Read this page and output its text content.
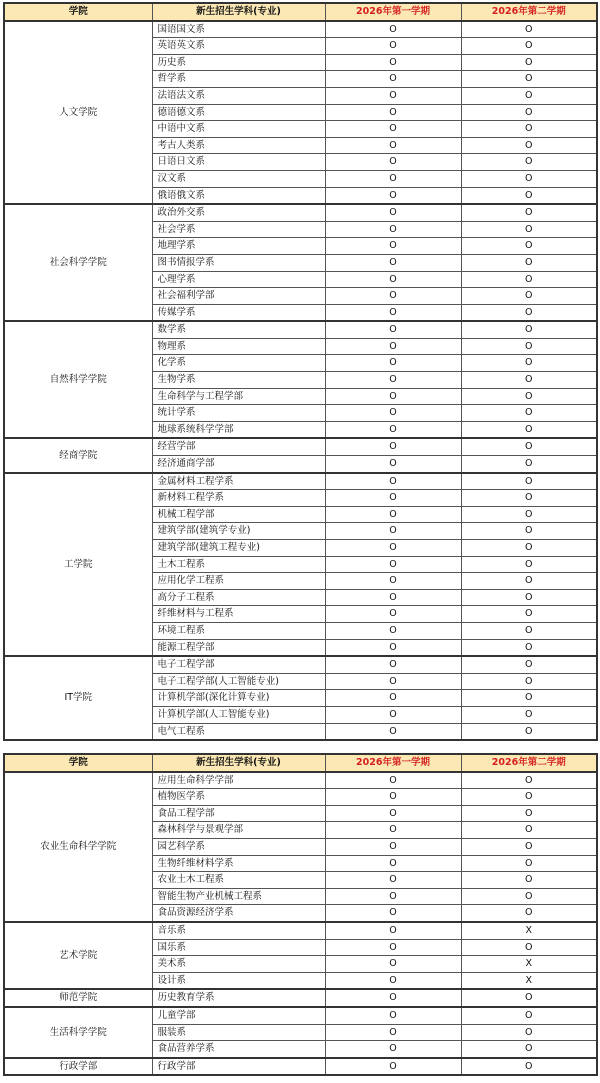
学院	新生招生学科(专业)	2026年第一学期	2026年第二学期
人文学院	国语国文系	O	O
	英语英文系	O	O
	历史系	O	O
	哲学系	O	O
	法语法文系	O	O
	德语德文系	O	O
	中语中文系	O	O
	考古人类系	O	O
	日语日文系	O	O
	汉文系	O	O
	俄语俄文系	O	O
社会科学学院	政治外交系	O	O
	社会学系	O	O
	地理学系	O	O
	图书情报学系	O	O
	心理学系	O	O
	社会福利学部	O	O
	传媒学系	O	O
自然科学学院	数学系	O	O
	物理系	O	O
	化学系	O	O
	生物学系	O	O
	生命科学与工程学部	O	O
	统计学系	O	O
	地球系统科学学部	O	O
经商学院	经营学部	O	O
	经济通商学部	O	O
工学院	金属材料工程学系	O	O
	新材料工程学系	O	O
	机械工程学部	O	O
	建筑学部(建筑学专业)	O	O
	建筑学部(建筑工程专业)	O	O
	土木工程系	O	O
	应用化学工程系	O	O
	高分子工程系	O	O
	纤维材料与工程系	O	O
	环境工程系	O	O
	能源工程学部	O	O
IT学院	电子工程学部	O	O
	电子工程学部(人工智能专业)	O	O
	计算机学部(深化计算专业)	O	O
	计算机学部(人工智能专业)	O	O
	电气工程系	O	O
学院	新生招生学科(专业)	2026年第一学期	2026年第二学期
农业生命科学学院	应用生命科学学部	O	O
	植物医学系	O	O
	食品工程学部	O	O
	森林科学与景观学部	O	O
	园艺科学系	O	O
	生物纤维材料学系	O	O
	农业土木工程系	O	O
	智能生物产业机械工程系	O	O
	食品资源经济学系	O	O
艺术学院	音乐系	O	X
	国乐系	O	O
	美术系	O	X
	设计系	O	X
师范学院	历史教育学系	O	O
生活科学学院	儿童学部	O	O
	服装系	O	O
	食品营养学系	O	O
行政学部	行政学部	O	O
